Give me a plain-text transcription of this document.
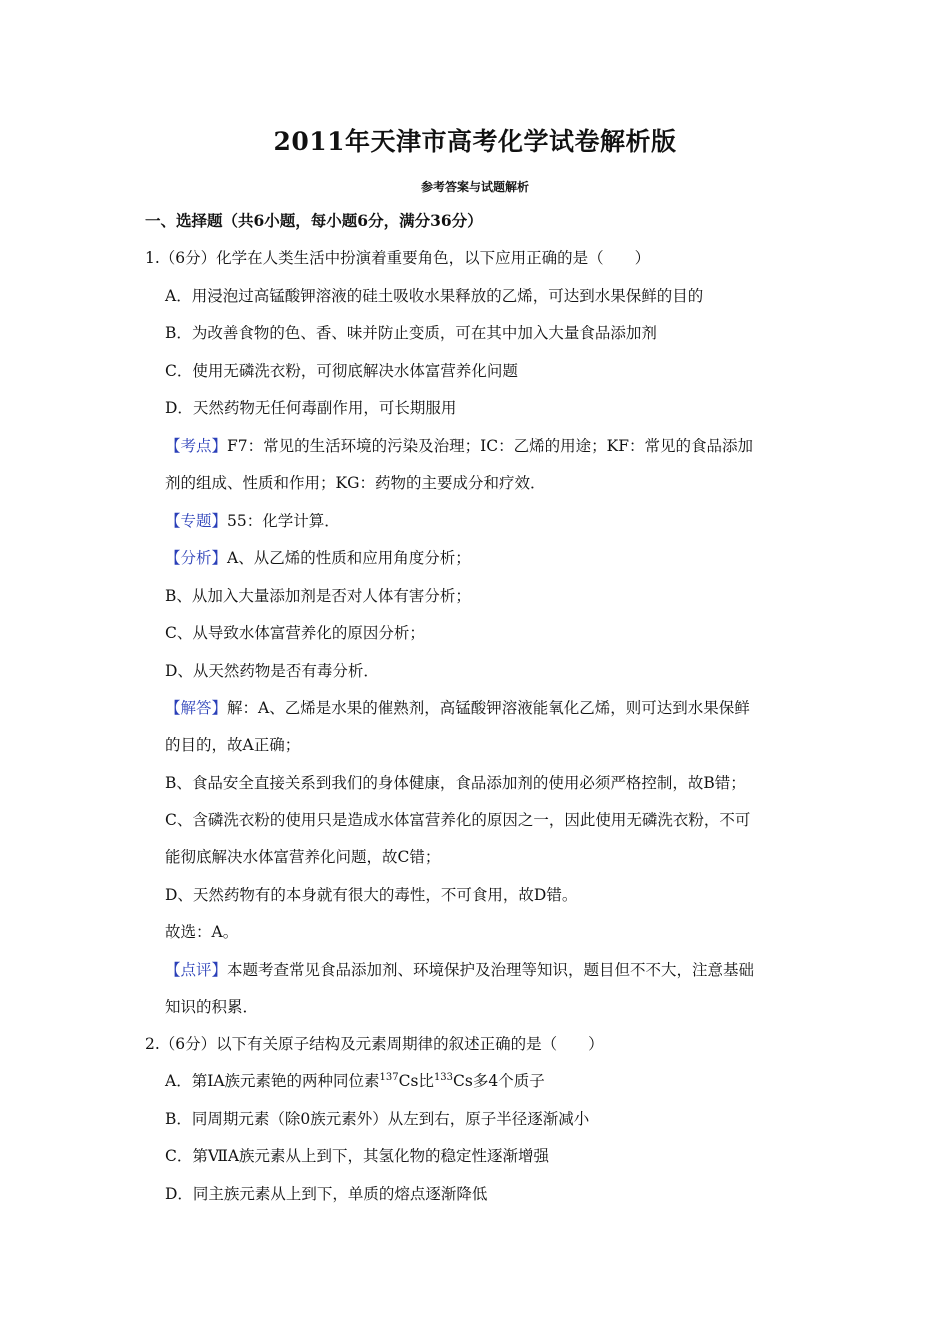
2011年天津市高考化学试卷解析版
参考答案与试题解析
一、选择题（共6小题，每小题6分，满分36分）
1.（6分）化学在人类生活中扮演着重要角色，以下应用正确的是（　　）
A．用浸泡过高锰酸钾溶液的硅土吸收水果释放的乙烯，可达到水果保鲜的目的
B．为改善食物的色、香、味并防止变质，可在其中加入大量食品添加剂
C．使用无磷洗衣粉，可彻底解决水体富营养化问题
D．天然药物无任何毒副作用，可长期服用
【考点】F7：常见的生活环境的污染及治理；IC：乙烯的用途；KF：常见的食品添加
剂的组成、性质和作用；KG：药物的主要成分和疗效．
【专题】55：化学计算．
【分析】A、从乙烯的性质和应用角度分析；
B、从加入大量添加剂是否对人体有害分析；
C、从导致水体富营养化的原因分析；
D、从天然药物是否有毒分析．
【解答】解：A、乙烯是水果的催熟剂，高锰酸钾溶液能氧化乙烯，则可达到水果保鲜
的目的，故A正确；
B、食品安全直接关系到我们的身体健康，食品添加剂的使用必须严格控制，故B错；
C、含磷洗衣粉的使用只是造成水体富营养化的原因之一，因此使用无磷洗衣粉，不可
能彻底解决水体富营养化问题，故C错；
D、天然药物有的本身就有很大的毒性，不可食用，故D错。
故选：A。
【点评】本题考查常见食品添加剂、环境保护及治理等知识，题目但不不大，注意基础
知识的积累．
2.（6分）以下有关原子结构及元素周期律的叙述正确的是（　　）
A．第IA族元素铯的两种同位素$^{137}$Cs比$^{133}$Cs多4个质子
B．同周期元素（除0族元素外）从左到右，原子半径逐渐减小
C．第ⅦA族元素从上到下，其氢化物的稳定性逐渐增强
D．同主族元素从上到下，单质的熔点逐渐降低
